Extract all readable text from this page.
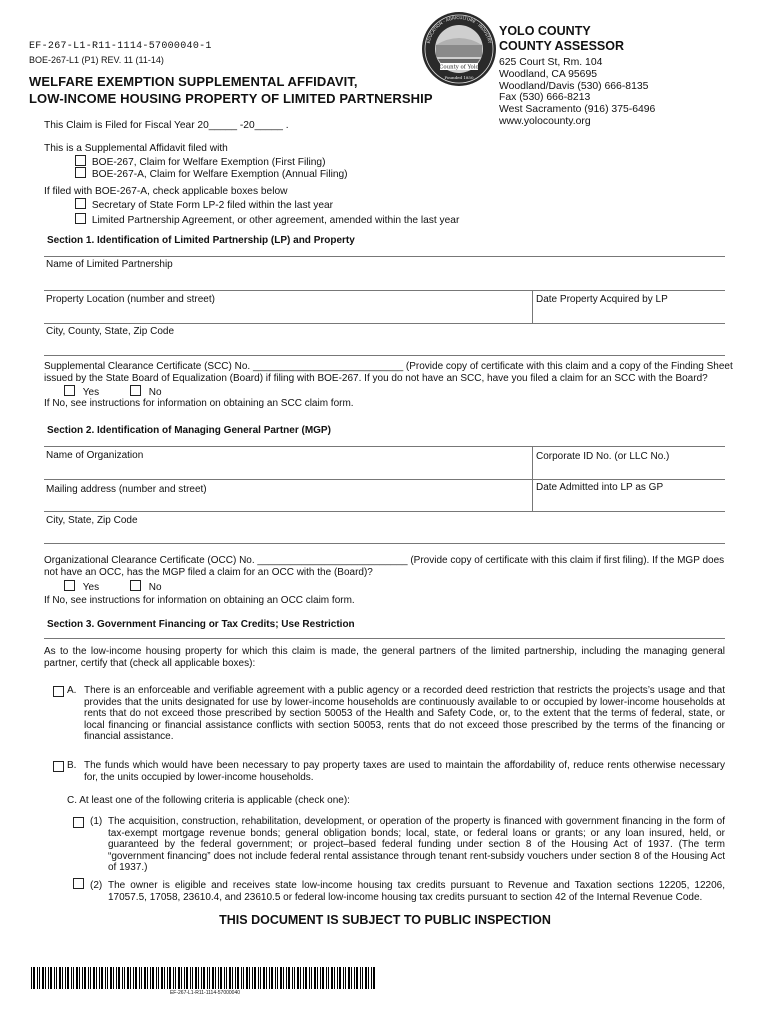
EF-267-L1-R11-1114-57000040-1
BOE-267-L1 (P1) REV. 11 (11-14)
WELFARE EXEMPTION SUPPLEMENTAL AFFIDAVIT,
LOW-INCOME HOUSING PROPERTY OF LIMITED PARTNERSHIP
This Claim is Filed for Fiscal Year 20_____ -20_____ .
County of Yolo
Founded 1850
EDUCATION · AGRICULTURE · INDUSTRY
YOLO COUNTY
COUNTY ASSESSOR
625 Court St, Rm. 104
Woodland, CA 95695
Woodland/Davis (530) 666-8135
Fax (530) 666-8213
West Sacramento (916) 375-6496
www.yolocounty.org
This is a Supplemental Affidavit filed with
BOE-267, Claim for Welfare Exemption (First Filing)
BOE-267-A, Claim for Welfare Exemption (Annual Filing)
If filed with BOE-267-A, check applicable boxes below
Secretary of State Form LP-2 filed within the last year
Limited Partnership Agreement, or other agreement, amended within the last year
Section 1. Identification of Limited Partnership (LP) and Property
Name of Limited Partnership
Property Location (number and street)	Date Property Acquired by LP
City, County, State, Zip Code
Supplemental Clearance Certificate (SCC) No. ___________________________ (Provide copy of certificate with this claim and a copy of the Finding Sheet
issued by the State Board of Equalization (Board) if filing with BOE-267. If you do not have an SCC, have you filed a claim for an SCC with the Board?
Yes	No
If No, see instructions for information on obtaining an SCC claim form.
Section 2. Identification of Managing General Partner (MGP)
Name of Organization	Corporate ID No. (or LLC No.)
Mailing address (number and street)	Date Admitted into LP as GP
City, State, Zip Code
Organizational Clearance Certificate (OCC) No. ___________________________ (Provide copy of certificate with this claim if first filing). If the MGP does
not have an OCC, has the MGP filed a claim for an OCC with the (Board)?
Yes	No
If No, see instructions for information on obtaining an OCC claim form.
Section 3. Government Financing or Tax Credits; Use Restriction
As to the low-income housing property for which this claim is made, the general partners of the limited partnership, including the managing general partner, certify that (check all applicable boxes):
A. There is an enforceable and verifiable agreement with a public agency or a recorded deed restriction that restricts the projects’s usage and that provides that the units designated for use by lower-income households are continuously available to or occupied by lower-income households at rents that do not exceed those prescribed by section 50053 of the Health and Safety Code, or, to the extent that the terms of federal, state, or local financing or financial assistance conflicts with section 50053, rents that do not exceed those prescribed by the terms of the financing or financial assistance.
B. The funds which would have been necessary to pay property taxes are used to maintain the affordability of, reduce rents otherwise necessary for, the units occupied by lower-income households.
C. At least one of the following criteria is applicable (check one):
(1) The acquisition, construction, rehabilitation, development, or operation of the property is financed with government financing in the form of tax-exempt mortgage revenue bonds; general obligation bonds; local, state, or federal loans or grants; or any loan insured, held, or guaranteed by the federal government; or project–based federal funding under section 8 of the Housing Act of 1937. (The term “government financing” does not include federal rental assistance through tenant rent-subsidy vouchers under section 8 of the Housing Act of 1937.)
(2) The owner is eligible and receives state low-income housing tax credits pursuant to Revenue and Taxation sections 12205, 12206, 17057.5, 17058, 23610.4, and 23610.5 or federal low-income housing tax credits pursuant to section 42 of the Internal Revenue Code.
THIS DOCUMENT IS SUBJECT TO PUBLIC INSPECTION
EF-267-L1-R11-1114-57000040
